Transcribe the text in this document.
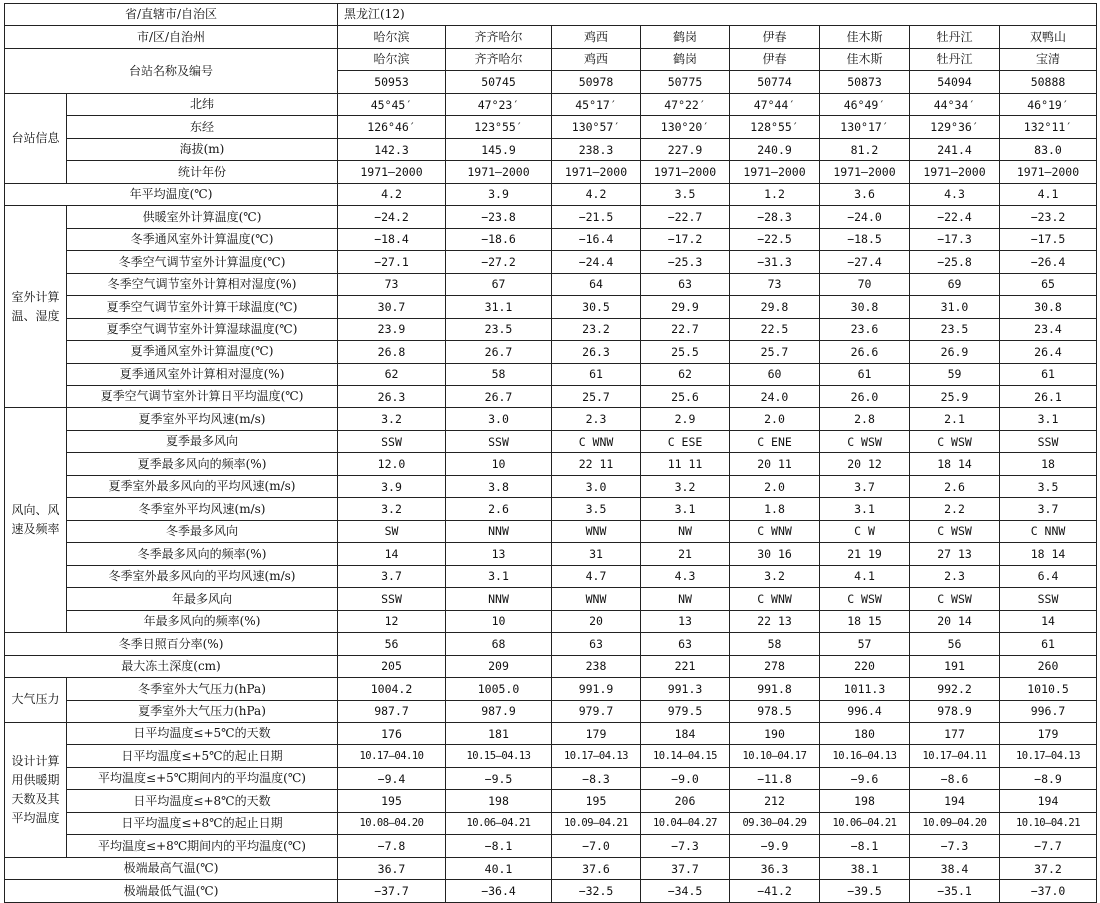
省/直辖市/自治区		黑龙江(12)							
市/区/自治州		哈尔滨	齐齐哈尔	鸡西	鹤岗	伊春	佳木斯	牡丹江	双鸭山
台站名称及编号		哈尔滨	齐齐哈尔	鸡西	鹤岗	伊春	佳木斯	牡丹江	宝清
		50953	50745	50978	50775	50774	50873	54094	50888
台站信息	北纬	45°45′	47°23′	45°17′	47°22′	47°44′	46°49′	44°34′	46°19′
	东经	126°46′	123°55′	130°57′	130°20′	128°55′	130°17′	129°36′	132°11′
	海拔(m)	142.3	145.9	238.3	227.9	240.9	81.2	241.4	83.0
	统计年份	1971—2000	1971—2000	1971—2000	1971—2000	1971—2000	1971—2000	1971—2000	1971—2000
年平均温度(℃)		4.2	3.9	4.2	3.5	1.2	3.6	4.3	4.1
室外计算温、湿度	供暖室外计算温度(℃)	−24.2	−23.8	−21.5	−22.7	−28.3	−24.0	−22.4	−23.2
	冬季通风室外计算温度(℃)	−18.4	−18.6	−16.4	−17.2	−22.5	−18.5	−17.3	−17.5
	冬季空气调节室外计算温度(℃)	−27.1	−27.2	−24.4	−25.3	−31.3	−27.4	−25.8	−26.4
	冬季空气调节室外计算相对湿度(%)	73	67	64	63	73	70	69	65
	夏季空气调节室外计算干球温度(℃)	30.7	31.1	30.5	29.9	29.8	30.8	31.0	30.8
	夏季空气调节室外计算湿球温度(℃)	23.9	23.5	23.2	22.7	22.5	23.6	23.5	23.4
	夏季通风室外计算温度(℃)	26.8	26.7	26.3	25.5	25.7	26.6	26.9	26.4
	夏季通风室外计算相对湿度(%)	62	58	61	62	60	61	59	61
	夏季空气调节室外计算日平均温度(℃)	26.3	26.7	25.7	25.6	24.0	26.0	25.9	26.1
风向、风速及频率	夏季室外平均风速(m/s)	3.2	3.0	2.3	2.9	2.0	2.8	2.1	3.1
	夏季最多风向	SSW	SSW	C WNW	C ESE	C ENE	C WSW	C WSW	SSW
	夏季最多风向的频率(%)	12.0	10	22 11	11 11	20 11	20 12	18 14	18
	夏季室外最多风向的平均风速(m/s)	3.9	3.8	3.0	3.2	2.0	3.7	2.6	3.5
	冬季室外平均风速(m/s)	3.2	2.6	3.5	3.1	1.8	3.1	2.2	3.7
	冬季最多风向	SW	NNW	WNW	NW	C WNW	C W	C WSW	C NNW
	冬季最多风向的频率(%)	14	13	31	21	30 16	21 19	27 13	18 14
	冬季室外最多风向的平均风速(m/s)	3.7	3.1	4.7	4.3	3.2	4.1	2.3	6.4
	年最多风向	SSW	NNW	WNW	NW	C WNW	C WSW	C WSW	SSW
	年最多风向的频率(%)	12	10	20	13	22 13	18 15	20 14	14
冬季日照百分率(%)		56	68	63	63	58	57	56	61
最大冻土深度(cm)		205	209	238	221	278	220	191	260
大气压力	冬季室外大气压力(hPa)	1004.2	1005.0	991.9	991.3	991.8	1011.3	992.2	1010.5
	夏季室外大气压力(hPa)	987.7	987.9	979.7	979.5	978.5	996.4	978.9	996.7
设计计算用供暖期天数及其平均温度	日平均温度≤+5℃的天数	176	181	179	184	190	180	177	179
	日平均温度≤+5℃的起止日期	10.17—04.10	10.15—04.13	10.17—04.13	10.14—04.15	10.10—04.17	10.16—04.13	10.17—04.11	10.17—04.13
	平均温度≤+5℃期间内的平均温度(℃)	−9.4	−9.5	−8.3	−9.0	−11.8	−9.6	−8.6	−8.9
	日平均温度≤+8℃的天数	195	198	195	206	212	198	194	194
	日平均温度≤+8℃的起止日期	10.08—04.20	10.06—04.21	10.09—04.21	10.04—04.27	09.30—04.29	10.06—04.21	10.09—04.20	10.10—04.21
	平均温度≤+8℃期间内的平均温度(℃)	−7.8	−8.1	−7.0	−7.3	−9.9	−8.1	−7.3	−7.7
极端最高气温(℃)		36.7	40.1	37.6	37.7	36.3	38.1	38.4	37.2
极端最低气温(℃)		−37.7	−36.4	−32.5	−34.5	−41.2	−39.5	−35.1	−37.0
